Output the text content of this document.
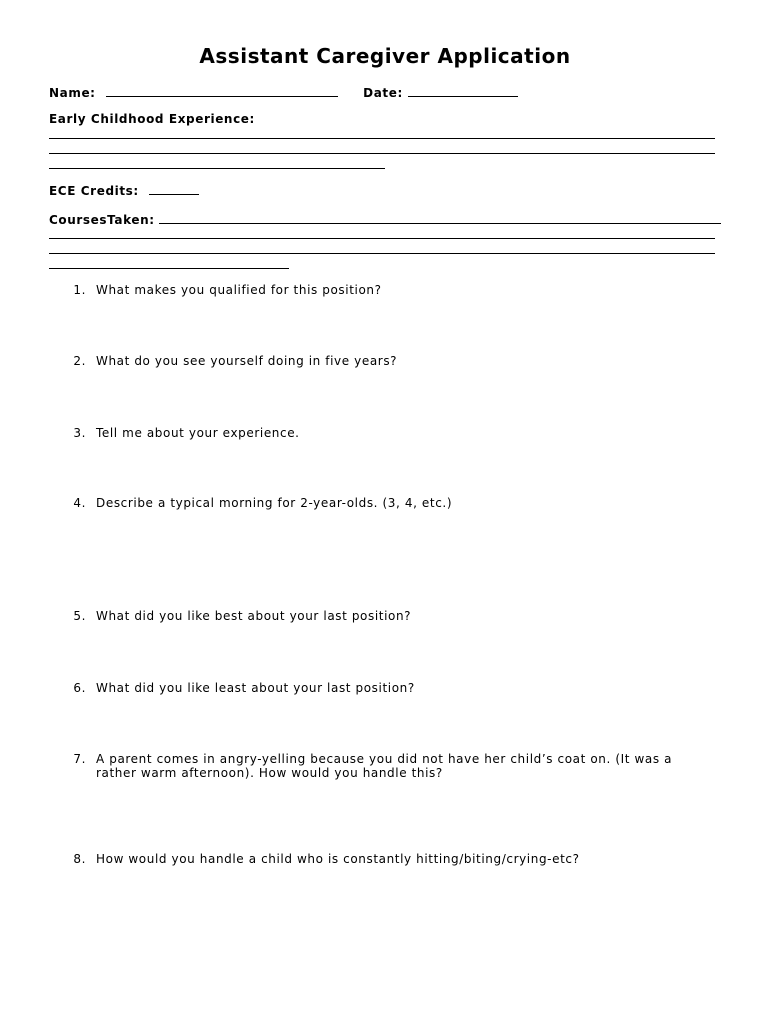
Assistant Caregiver Application
Name:	Date:
Early Childhood Experience:
ECE Credits:
CoursesTaken:
1. What makes you qualified for this position?
2. What do you see yourself doing in five years?
3. Tell me about your experience.
4. Describe a typical morning for 2-year-olds. (3, 4, etc.)
5. What did you like best about your last position?
6. What did you like least about your last position?
7. A parent comes in angry-yelling because you did not have her child’s coat on. (It was a rather warm afternoon). How would you handle this?
8. How would you handle a child who is constantly hitting/biting/crying-etc?
